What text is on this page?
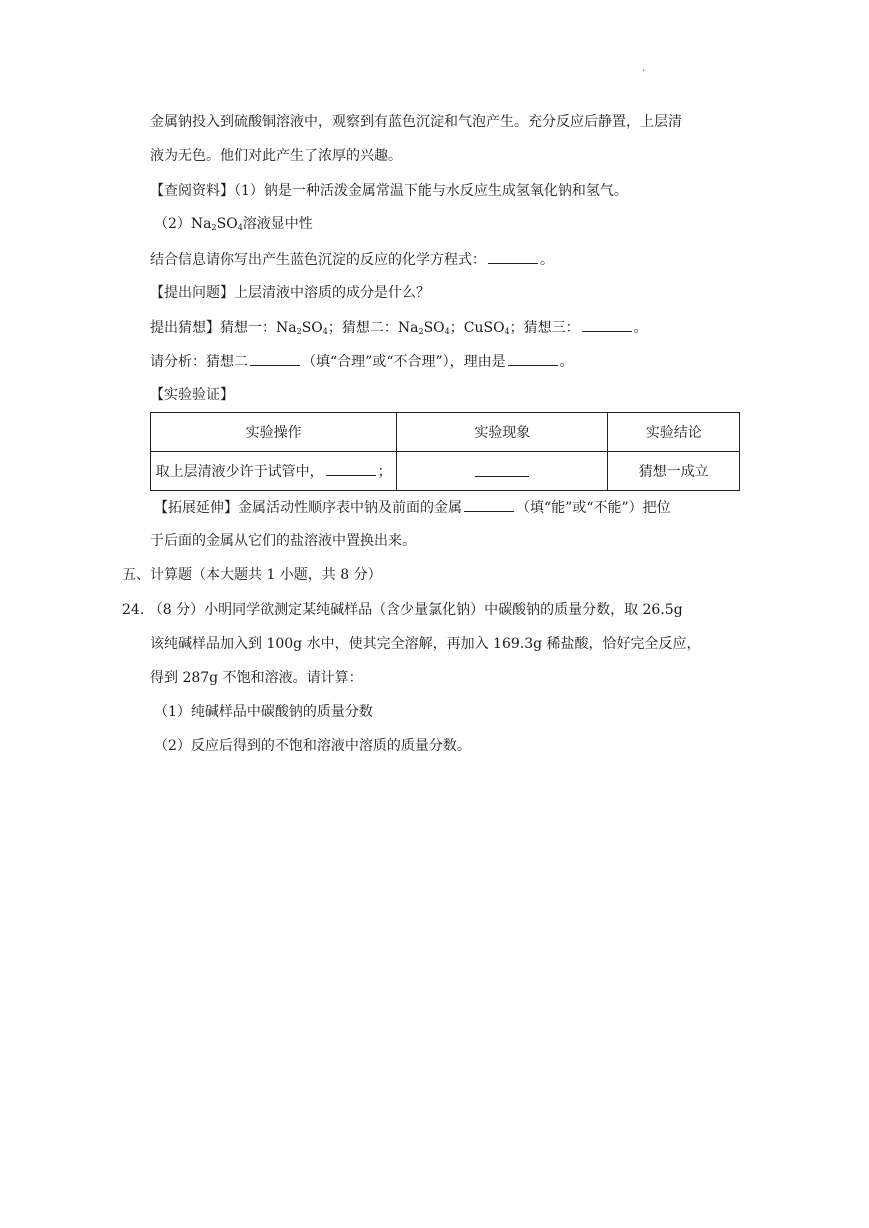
·
金属钠投入到硫酸铜溶液中，观察到有蓝色沉淀和气泡产生。充分反应后静置，上层清
液为无色。他们对此产生了浓厚的兴趣。
【查阅资料】（1）钠是一种活泼金属常温下能与水反应生成氢氧化钠和氢气。
$(2)Na_2SO_4$溶液显中性
结合信息请你写出产生蓝色沉淀的反应的化学方程式：	。
【提出问题】上层清液中溶质的成分是什么？
提出猜想】猜想一：$Na_2SO_4$；猜想二：$Na_2SO_4$；CuSO$_4$；猜想三：	。
请分析：猜想二	（填“合理”或“不合理”），理由是	。
【实验验证】
实验操作	实验现象	实验结论
取上层清液少许于试管中， ；		猜想一成立
【拓展延伸】金属活动性顺序表中钠及前面的金属	（填“能”或“不能”）把位
于后面的金属从它们的盐溶液中置换出来。
五、计算题（本大题共 1 小题，共 8 分）
24. （8 分）小明同学欲测定某纯碱样品（含少量氯化钠）中碳酸钠的质量分数，取 26.5g
该纯碱样品加入到 100g 水中，使其完全溶解，再加入 169.3g 稀盐酸，恰好完全反应，
得到 287g 不饱和溶液。请计算：
（1）纯碱样品中碳酸钠的质量分数
（2）反应后得到的不饱和溶液中溶质的质量分数。
